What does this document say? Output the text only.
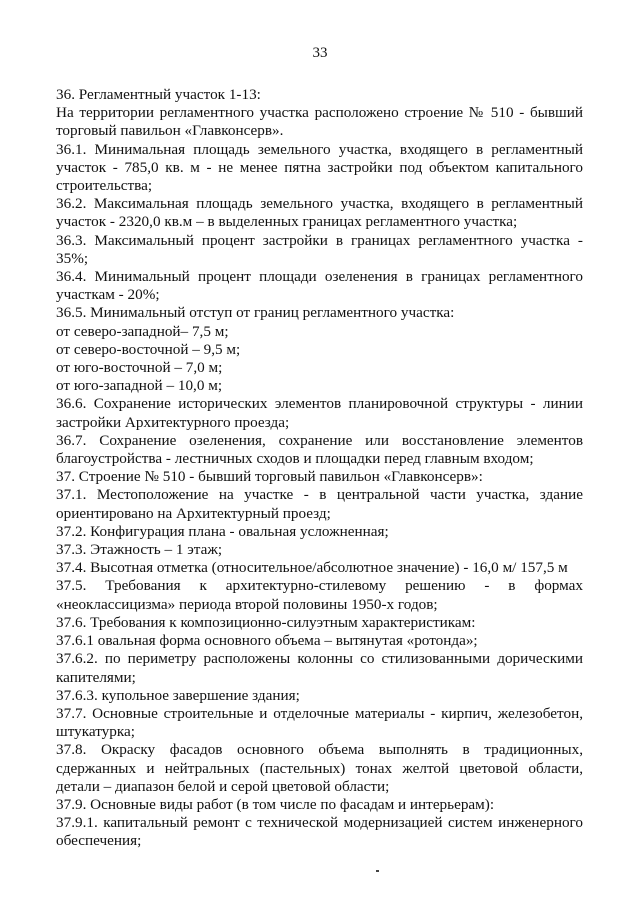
33

36. Регламентный участок 1-13:

На территории регламентного участка расположено строение № 510 - бывший торговый павильон «Главконсерв».

36.1. Минимальная площадь земельного участка, входящего в регламентный участок - 785,0 кв. м - не менее пятна застройки под объектом капитального строительства;

36.2. Максимальная площадь земельного участка, входящего в регламентный участок - 2320,0 кв.м – в выделенных границах регламентного участка;

36.3. Максимальный процент застройки в границах регламентного участка - 35%;

36.4. Минимальный процент площади озеленения в границах регламентного участкам - 20%;

36.5. Минимальный отступ от границ регламентного участка:

от северо-западной– 7,5 м;

от северо-восточной – 9,5 м;

от юго-восточной – 7,0 м;

от юго-западной – 10,0 м;

36.6. Сохранение исторических элементов планировочной структуры - линии застройки Архитектурного проезда;

36.7. Сохранение озеленения, сохранение или восстановление элементов благоустройства - лестничных сходов и площадки перед главным входом;

37. Строение № 510 - бывший торговый павильон «Главконсерв»:

37.1. Местоположение на участке - в центральной части участка, здание ориентировано на Архитектурный проезд;

37.2. Конфигурация плана - овальная усложненная;

37.3. Этажность – 1 этаж;

37.4. Высотная отметка (относительное/абсолютное значение) - 16,0 м/ 157,5 м

37.5. Требования к архитектурно-стилевому решению - в формах «неоклассицизма» периода второй половины 1950-х годов;

37.6. Требования к композиционно-силуэтным характеристикам:

37.6.1 овальная форма основного объема – вытянутая «ротонда»;

37.6.2. по периметру расположены колонны со стилизованными дорическими капителями;

37.6.3. купольное завершение здания;

37.7. Основные строительные и отделочные материалы - кирпич, железобетон, штукатурка;

37.8. Окраску фасадов основного объема выполнять в традиционных, сдержанных и нейтральных (пастельных) тонах желтой цветовой области, детали – диапазон белой и серой цветовой области;

37.9. Основные виды работ (в том числе по фасадам и интерьерам):

37.9.1. капитальный ремонт с технической модернизацией систем инженерного обеспечения;
